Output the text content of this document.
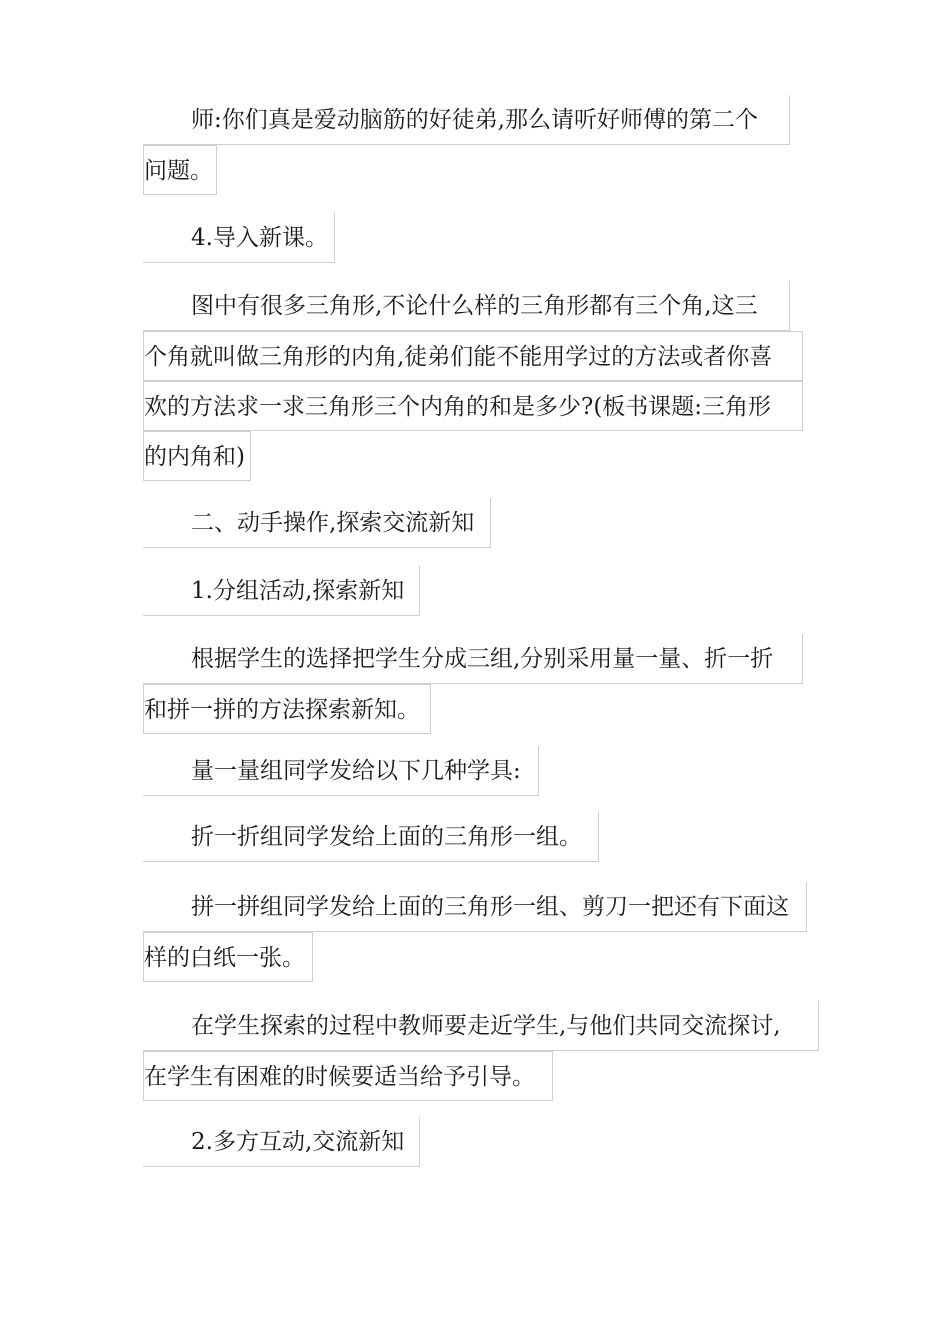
师:你们真是爱动脑筋的好徒弟,那么请听好师傅的第二个
问题。
4.导入新课。
图中有很多三角形,不论什么样的三角形都有三个角,这三
个角就叫做三角形的内角,徒弟们能不能用学过的方法或者你喜
欢的方法求一求三角形三个内角的和是多少?(板书课题:三角形
的内角和)
二、动手操作,探索交流新知
1.分组活动,探索新知
根据学生的选择把学生分成三组,分别采用量一量、折一折
和拼一拼的方法探索新知。
量一量组同学发给以下几种学具:
折一折组同学发给上面的三角形一组。
拼一拼组同学发给上面的三角形一组、剪刀一把还有下面这
样的白纸一张。
在学生探索的过程中教师要走近学生,与他们共同交流探讨,
在学生有困难的时候要适当给予引导。
2.多方互动,交流新知
